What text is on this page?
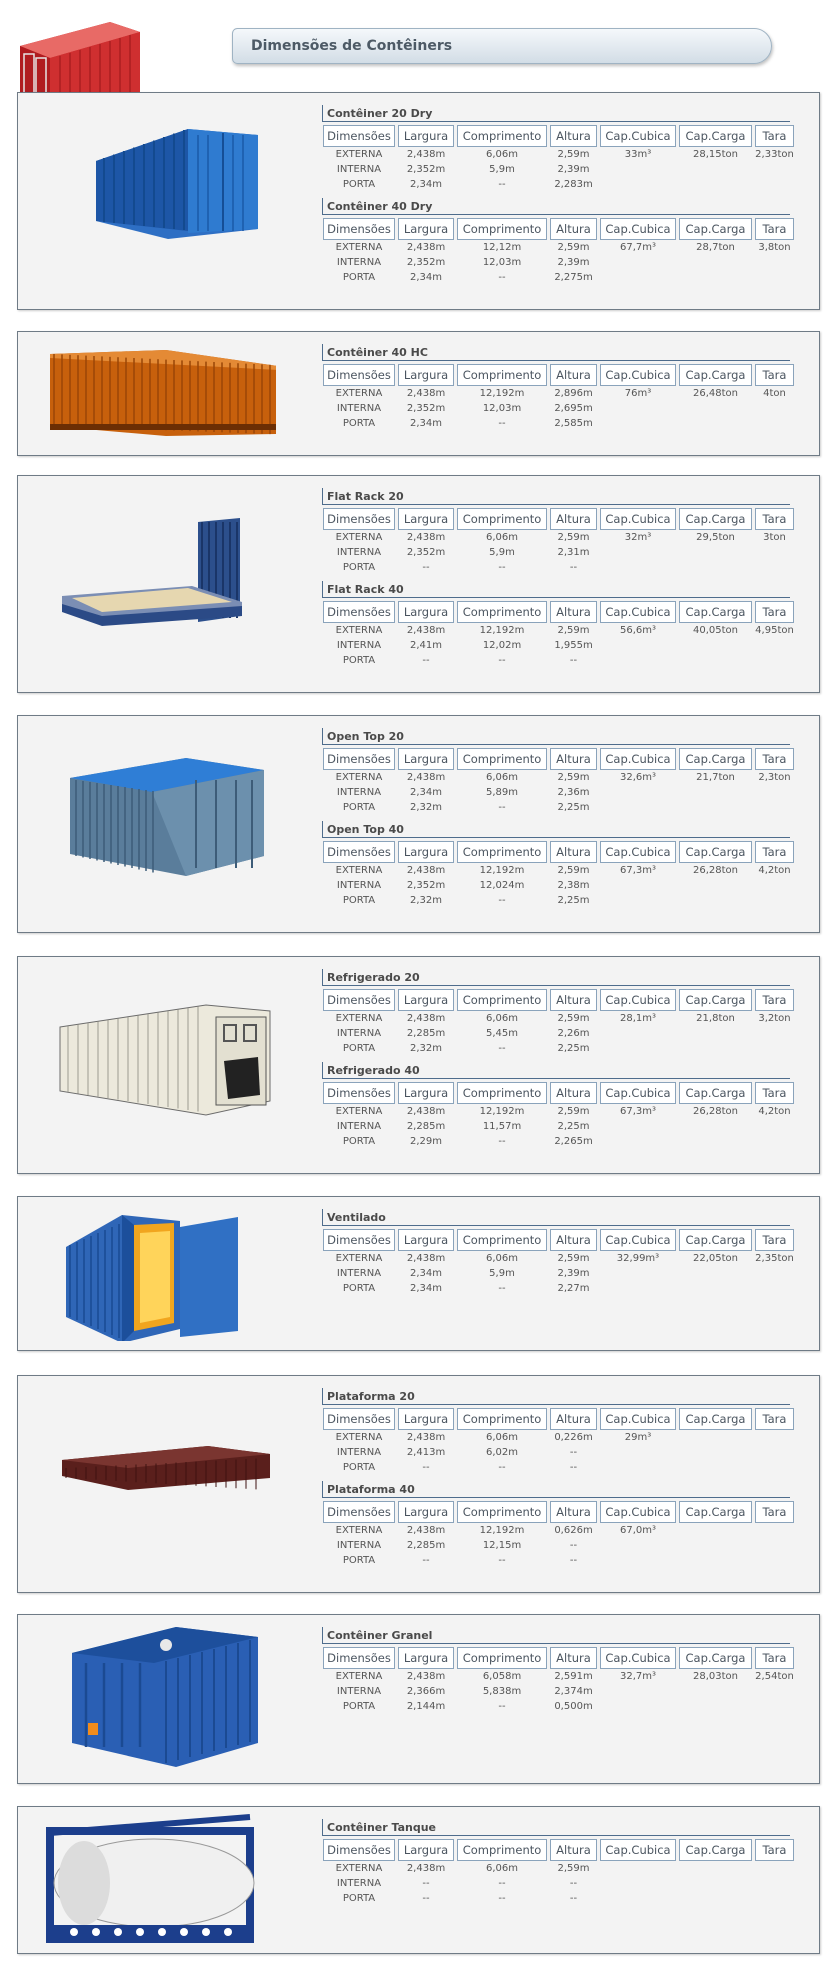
Dimensões de Contêiners
Contêiner 20 Dry
Dimensões	Largura	Comprimento	Altura	Cap.Cubica	Cap.Carga	Tara
EXTERNA	2,438m	6,06m	2,59m	33m³	28,15ton	2,33ton
INTERNA	2,352m	5,9m	2,39m
PORTA	2,34m	--	2,283m
Contêiner 40 Dry
Dimensões	Largura	Comprimento	Altura	Cap.Cubica	Cap.Carga	Tara
EXTERNA	2,438m	12,12m	2,59m	67,7m³	28,7ton	3,8ton
INTERNA	2,352m	12,03m	2,39m
PORTA	2,34m	--	2,275m
Contêiner 40 HC
Dimensões	Largura	Comprimento	Altura	Cap.Cubica	Cap.Carga	Tara
EXTERNA	2,438m	12,192m	2,896m	76m³	26,48ton	4ton
INTERNA	2,352m	12,03m	2,695m
PORTA	2,34m	--	2,585m
Flat Rack 20
Dimensões	Largura	Comprimento	Altura	Cap.Cubica	Cap.Carga	Tara
EXTERNA	2,438m	6,06m	2,59m	32m³	29,5ton	3ton
INTERNA	2,352m	5,9m	2,31m
PORTA	--	--	--
Flat Rack 40
Dimensões	Largura	Comprimento	Altura	Cap.Cubica	Cap.Carga	Tara
EXTERNA	2,438m	12,192m	2,59m	56,6m³	40,05ton	4,95ton
INTERNA	2,41m	12,02m	1,955m
PORTA	--	--	--
Open Top 20
Dimensões	Largura	Comprimento	Altura	Cap.Cubica	Cap.Carga	Tara
EXTERNA	2,438m	6,06m	2,59m	32,6m³	21,7ton	2,3ton
INTERNA	2,34m	5,89m	2,36m
PORTA	2,32m	--	2,25m
Open Top 40
Dimensões	Largura	Comprimento	Altura	Cap.Cubica	Cap.Carga	Tara
EXTERNA	2,438m	12,192m	2,59m	67,3m³	26,28ton	4,2ton
INTERNA	2,352m	12,024m	2,38m
PORTA	2,32m	--	2,25m
Refrigerado 20
Dimensões	Largura	Comprimento	Altura	Cap.Cubica	Cap.Carga	Tara
EXTERNA	2,438m	6,06m	2,59m	28,1m³	21,8ton	3,2ton
INTERNA	2,285m	5,45m	2,26m
PORTA	2,32m	--	2,25m
Refrigerado 40
Dimensões	Largura	Comprimento	Altura	Cap.Cubica	Cap.Carga	Tara
EXTERNA	2,438m	12,192m	2,59m	67,3m³	26,28ton	4,2ton
INTERNA	2,285m	11,57m	2,25m
PORTA	2,29m	--	2,265m
Ventilado
Dimensões	Largura	Comprimento	Altura	Cap.Cubica	Cap.Carga	Tara
EXTERNA	2,438m	6,06m	2,59m	32,99m³	22,05ton	2,35ton
INTERNA	2,34m	5,9m	2,39m
PORTA	2,34m	--	2,27m
Plataforma 20
Dimensões	Largura	Comprimento	Altura	Cap.Cubica	Cap.Carga	Tara
EXTERNA	2,438m	6,06m	0,226m	29m³
INTERNA	2,413m	6,02m	--
PORTA	--	--	--
Plataforma 40
Dimensões	Largura	Comprimento	Altura	Cap.Cubica	Cap.Carga	Tara
EXTERNA	2,438m	12,192m	0,626m	67,0m³
INTERNA	2,285m	12,15m	--
PORTA	--	--	--
Contêiner Granel
Dimensões	Largura	Comprimento	Altura	Cap.Cubica	Cap.Carga	Tara
EXTERNA	2,438m	6,058m	2,591m	32,7m³	28,03ton	2,54ton
INTERNA	2,366m	5,838m	2,374m
PORTA	2,144m	--	0,500m
Contêiner Tanque
Dimensões	Largura	Comprimento	Altura	Cap.Cubica	Cap.Carga	Tara
EXTERNA	2,438m	6,06m	2,59m
INTERNA	--	--	--
PORTA	--	--	--
